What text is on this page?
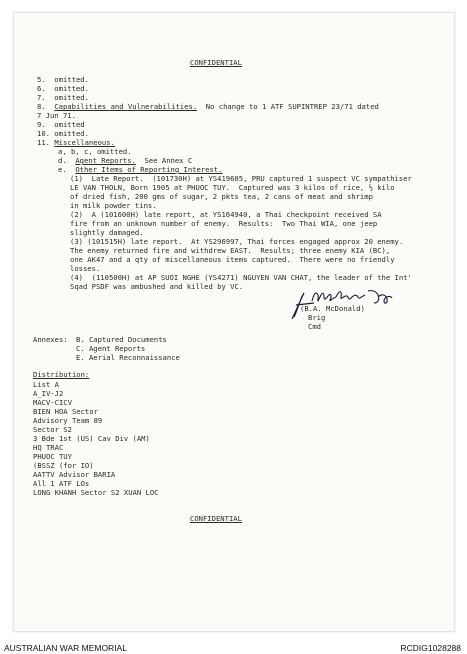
CONFIDENTIAL
5.  omitted.
6.  omitted.
7.  omitted.
8. Capabilities and Vulnerabilities.  No change to 1 ATF SUPINTREP 23/71 dated
7 Jun 71.
9.  omitted
10. omitted.
11. Miscellaneous.
a, b, c, omitted.
d. Agent Reports.  See Annex C
e. Other Items of Reporting Interest.
(1)  Late Report.  (101730H) at YS419605, PRU captured 1 suspect VC sympathiser
LE VAN THOLN, Born 1905 at PHUOC TUY.  Captured was 3 kilos of rice, ½ kilo
of dried fish, 200 gms of sugar, 2 pkts tea, 2 cans of meat and shrimp
in milk powder tins.
(2)  A (101600H) late report, at YS164940, a Thai checkpoint received SA
fire from an unknown number of enemy.  Results:  Two Thai WIA, one jeep
slightly damaged.
(3) (101515H) late report.  At YS296997, Thai forces engaged approx 20 enemy.
The enemy returned fire and withdrew EAST.  Results; three enemy KIA (BC),
one AK47 and a qty of miscellaneous items captured.  There were no friendly
losses.
(4)  (110500H) at AP SUOI NGHE (YS4271) NGUYEN VAN CHAT, the leader of the Int'
Sqad PSDF was ambushed and killed by VC.
(B.A. McDonald)
Brig
Cmd
Annexes: B. Captured Documents
C. Agent Reports
E. Aerial Reconnaissance
Distribution:
List A
A_IV-J2
MACV-CICV
BIEN HOA Sector
Advisory Team 89
Sector S2
3 Bde 1st (US) Cav Div (AM)
HQ TRAC
PHUOC TUY
(BSSZ (for IO)
AATTV Advisor BARIA
All 1 ATF LOs
LONG KHANH Sector S2 XUAN LOC
CONFIDENTIAL
AUSTRALIAN WAR MEMORIAL	RCDIG1028288
